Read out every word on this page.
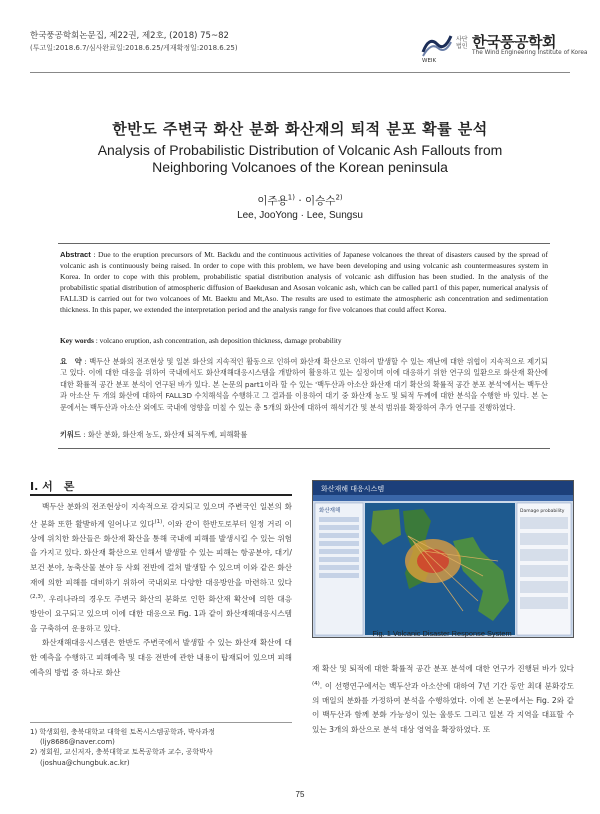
한국풍공학회논문집, 제22권, 제2호, (2018) 75~82
(투고일:2018.6.7/심사완료일:2018.6.25/게재확정일:2018.6.25)
사단
법인 한국풍공학회
The Wind Engineering Institute of Korea
WEIK
한반도 주변국 화산 분화 화산재의 퇴적 분포 확률 분석
Analysis of Probabilistic Distribution of Volcanic Ash Fallouts from Neighboring Volcanoes of the Korean peninsula
이주용$^{1)}$ · 이승수$^{2)}$
Lee, JooYong · Lee, Sungsu
Abstract : Due to the eruption precursors of Mt. Backdu and the continuous activities of Japanese volcanoes the threat of disasters caused by the spread of volcanic ash is continuously being raised. In order to cope with this problem, we have been developing and using volcanic ash countermeasures system in Korea. In order to cope with this problem, probabilistic spatial distribution analysis of volcanic ash diffusion has been studied. In the analysis of the probabilistic spatial distribution of atmospheric diffusion of Baekdusan and Asosan volcanic ash, which can be called part1 of this paper, numerical analysis of FALL3D is carried out for two volcanoes of Mt. Baektu and Mt,Aso. The results are used to estimate the atmospheric ash concentration and sedimentation thickness. In this paper, we extended the interpretation period and the analysis range for five volcanoes that could affect Korea.
Key words : volcano eruption, ash concentration, ash deposition thickness, damage probability
요　약 : 백두산 분화의 전조현상 및 일본 화산의 지속적인 활동으로 인하여 화산재 확산으로 인하여 발생할 수 있는 재난에 대한 위협이 지속적으로 제기되고 있다. 이에 대한 대응을 위하여 국내에서도 화산재해대응시스템을 개발하여 활용하고 있는 실정이며 이에 대응하기 위한 연구의 일환으로 화산재 확산에 대한 확률적 공간 분포 분석이 연구된 바가 있다. 본 논문의 part1이라 할 수 있는 '백두산과 아소산 화산재 대기 확산의 확률적 공간 분포 분석'에서는 백두산과 아소산 두 개의 화산에 대하여 FALL3D 수치해석을 수행하고 그 결과를 이용하여 대기 중 화산재 농도 및 퇴적 두께에 대한 분석을 수행한 바 있다. 본 논문에서는 백두산과 아소산 외에도 국내에 영향을 미칠 수 있는 총 5개의 화산에 대하여 해석기간 및 분석 범위를 확장하여 추가 연구를 진행하였다.
키워드 : 화산 분화, 화산재 농도, 화산재 퇴적두께, 피해확률
I. 서　론

백두산 분화의 전조현상이 지속적으로 감지되고 있으며 주변국인 일본의 화산 분화 또한 활발하게 일어나고 있다$^{(1)}$. 이와 같이 한반도로부터 일정 거리 이상에 위치한 화산들은 화산재 확산을 통해 국내에 피해를 발생시킬 수 있는 위험을 가지고 있다. 화산재 확산으로 인해서 발생할 수 있는 피해는 항공분야, 대기/보건 분야, 농축산물 분야 등 사회 전반에 걸쳐 발생할 수 있으며 이와 같은 화산재에 의한 피해를 대비하기 위하여 국내외로 다양한 대응방안을 마련하고 있다$^{(2,3)}$. 우리나라의 경우도 주변국 화산의 분화로 인한 화산재 확산에 의한 대응 방안이 요구되고 있으며 이에 대한 대응으로 Fig. 1과 같이 화산재해대응시스템을 구축하여 운용하고 있다.

화산재해대응시스템은 한반도 주변국에서 발생할 수 있는 화산재 확산에 대한 예측을 수행하고 피해예측 및 대응 전반에 관한 내용이 탑재되어 있으며 피해예측의 방법 중 하나로 화산

화산재해 대응시스템
화산재해	Damage probability
Fig. 1 Volcanic Disaster Response System

재 확산 및 퇴적에 대한 확률적 공간 분포 분석에 대한 연구가 진행된 바가 있다$^{(4)}$. 이 선행연구에서는 백두산과 아소산에 대하여 7년 기간 동안 최대 분화강도의 매일의 분화를 가정하여 분석을 수행하였다. 이에 본 논문에서는 Fig. 2와 같이 백두산과 함께 분화 가능성이 있는 울릉도 그리고 일본 각 지역을 대표할 수 있는 3개의 화산으로 분석 대상 영역을 확장하였다. 또

1) 학생회원, 충북대학교 대학원 토목시스템공학과, 박사과정
(ljy8686@naver.com)
2) 정회원, 교신저자, 충북대학교 토목공학과 교수, 공학박사
(joshua@chungbuk.ac.kr)
75
